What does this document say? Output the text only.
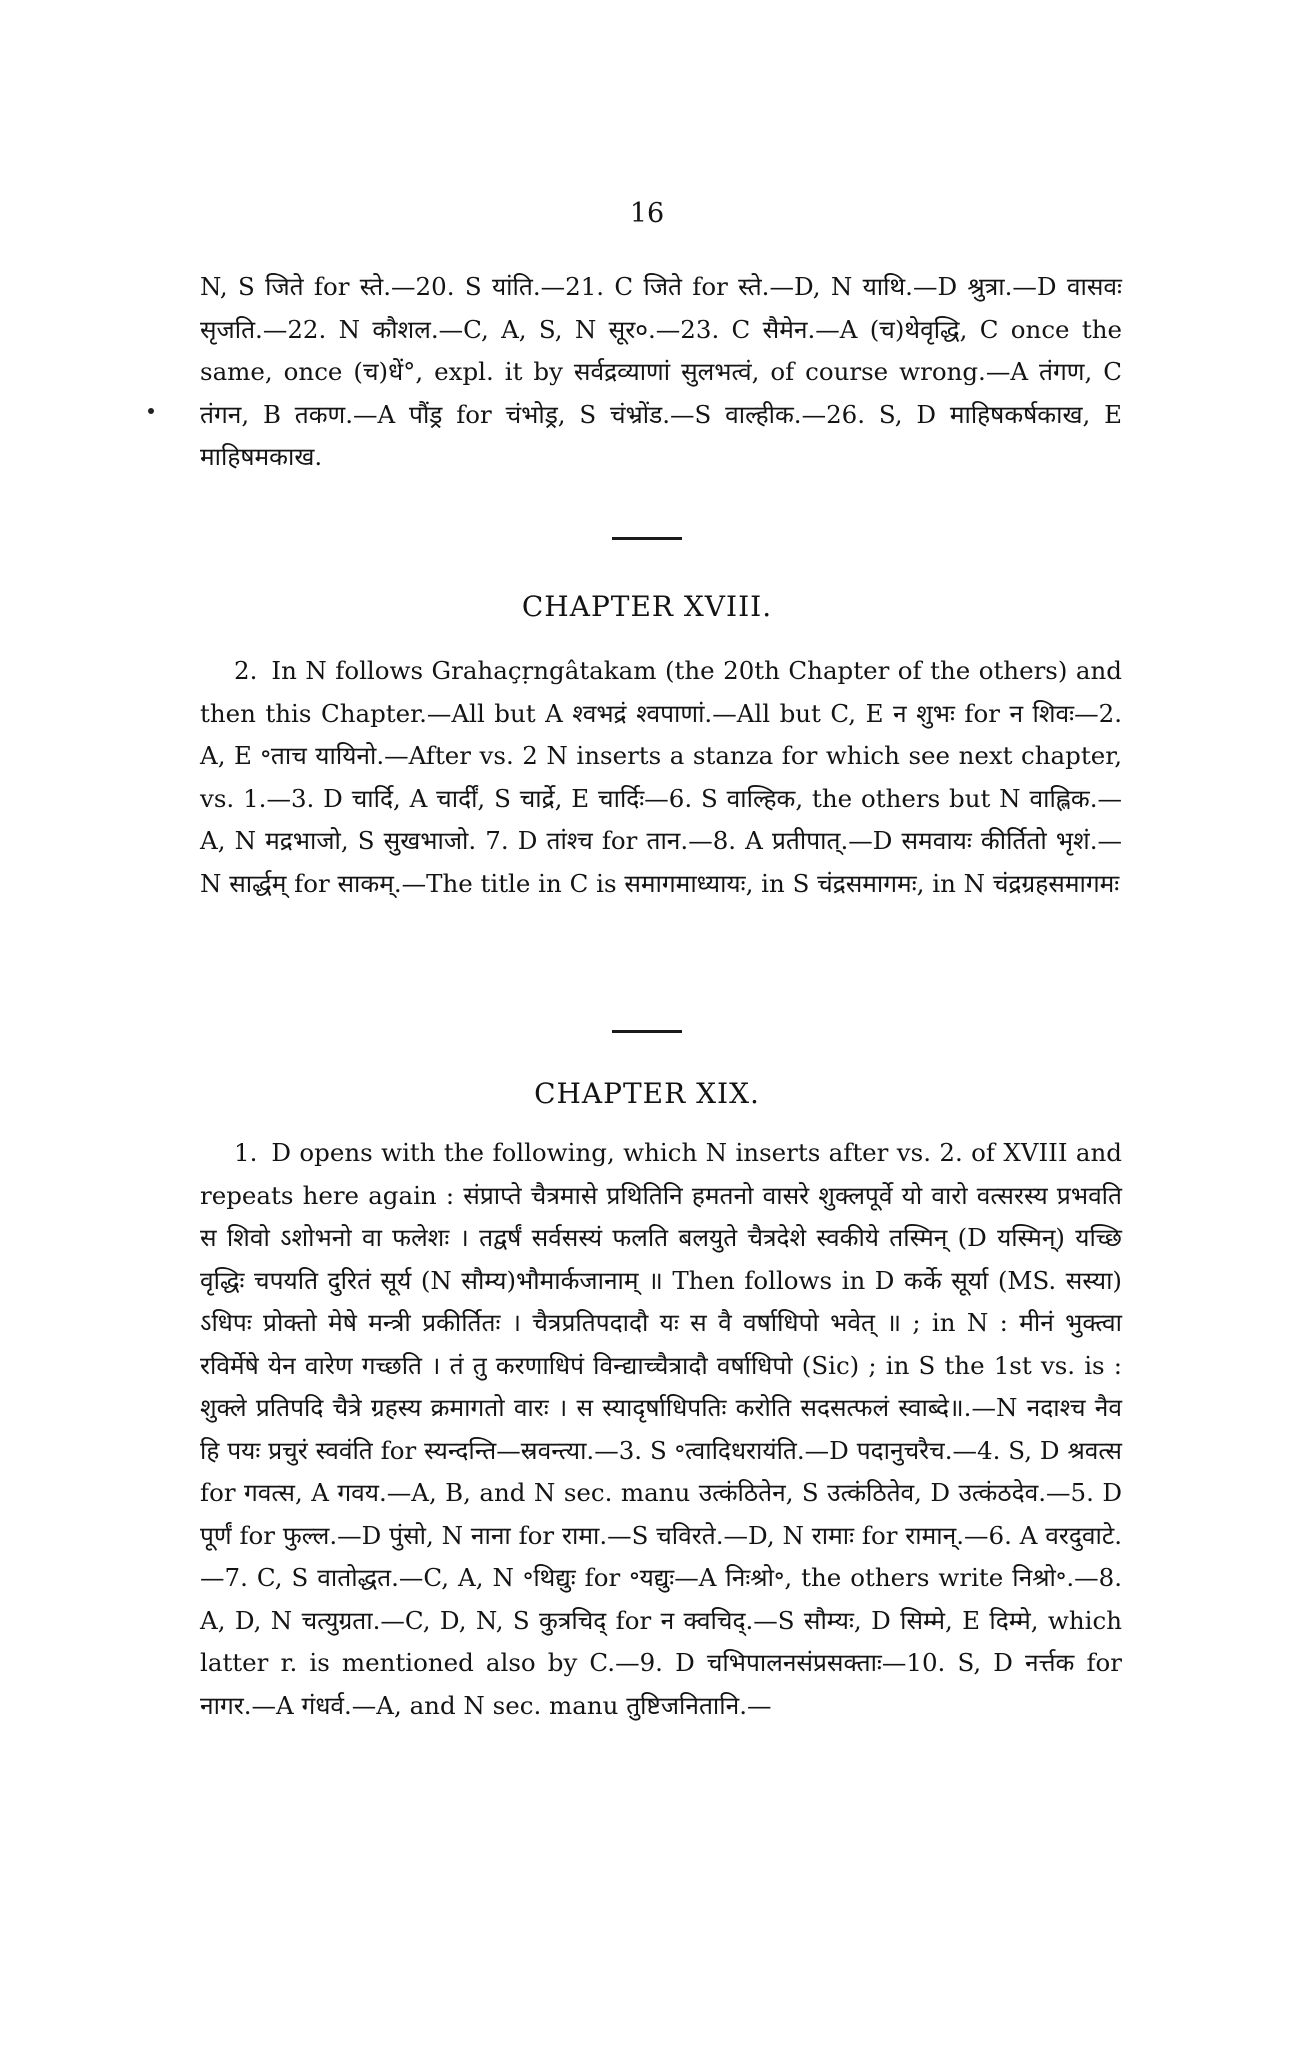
16

N, S जिते for स्ते.—20. S यांति.—21. C जिते for स्ते.—D, N याथि.—D श्रुत्रा.—D वासवः सृजति.—22. N कौशल.—C, A, S, N सूर०.—23. C सैमेन.—A (च)थेवृद्धि, C once the same, once (च)धें°, expl. it by सर्वद्रव्याणां सुलभत्वं, of course wrong.—A तंगण, C तंगन, B तकण.—A पौंड्र for चंभोड्र, S चंभ्रोंड.—S वाल्हीक.—26. S, D माहिषकर्षकाख, E माहिषमकाख.

CHAPTER XVIII.

2. In N follows Grahaçṛngâtakam (the 20th Chapter of the others) and then this Chapter.—All but A श्वभद्रं श्वपाणां.—All but C, E न शुभः for न शिवः—2. A, E ॰ताच यायिनो.—After vs. 2 N inserts a stanza for which see next chapter, vs. 1.—3. D चार्दि, A चार्दीं, S चार्द्रे, E चार्दिः—6. S वाल्हिक, the others but N वाह्लिक.—A, N मद्रभाजो, S सुखभाजो. 7. D तांश्च for तान.—8. A प्रतीपात्.—D समवायः कीर्तितो भृशं.—N सार्द्धम् for साकम्.—The title in C is समागमाध्यायः, in S चंद्रसमागमः, in N चंद्रग्रहसमागमः

CHAPTER XIX.

1. D opens with the following, which N inserts after vs. 2. of XVIII and repeats here again : संप्राप्ते चैत्रमासे प्रथितिनि हमतनो वासरे शुक्लपूर्वे यो वारो वत्सरस्य प्रभवति स शिवो ऽशोभनो वा फलेशः । तद्वर्षं सर्वसस्यं फलति बलयुते चैत्रदेशे स्वकीये तस्मिन् (D यस्मिन्) यच्छि वृद्धिः चपयति दुरितं सूर्य (N सौम्य)भौमार्कजानाम् ॥ Then follows in D कर्के सूर्या (MS. सस्या) ऽधिपः प्रोक्तो मेषे मन्त्री प्रकीर्तितः । चैत्रप्रतिपदादौ यः स वै वर्षाधिपो भवेत् ॥ ; in N : मीनं भुक्त्वा रविर्मेषे येन वारेण गच्छति । तं तु करणाधिपं विन्द्याच्चैत्रादौ वर्षाधिपो (Sic) ; in S the 1st vs. is : शुक्ले प्रतिपदि चैत्रे ग्रहस्य क्रमागतो वारः । स स्यादृर्षाधिपतिः करोति सदसत्फलं स्वाब्दे॥.—N नदाश्च नैव हि पयः प्रचुरं स्ववंति for स्यन्दन्ति—स्रवन्त्या.—3. S ॰त्वादिधरायंति.—D पदानुचरैच.—4. S, D श्रवत्स for गवत्स, A गवय.—A, B, and N sec. manu उत्कंठितेन, S उत्कंठितेव, D उत्कंठदेव.—5. D पूर्णं for फुल्ल.—D पुंसो, N नाना for रामा.—S चविरते.—D, N रामाः for रामान्.—6. A वरदुवाटे.—7. C, S वातोद्धत.—C, A, N ॰थिद्युः for ॰यद्युः—A निःश्रो॰, the others write निश्रो॰.—8. A, D, N चत्युग्रता.—C, D, N, S कुत्रचिद् for न क्वचिद्.—S सौम्यः, D सिम्मे, E दिम्मे, which latter r. is mentioned also by C.—9. D चभिपालनसंप्रसक्ताः—10. S, D नर्त्तक for नागर.—A गंधर्व.—A, and N sec. manu तुष्टिजनितानि.—
